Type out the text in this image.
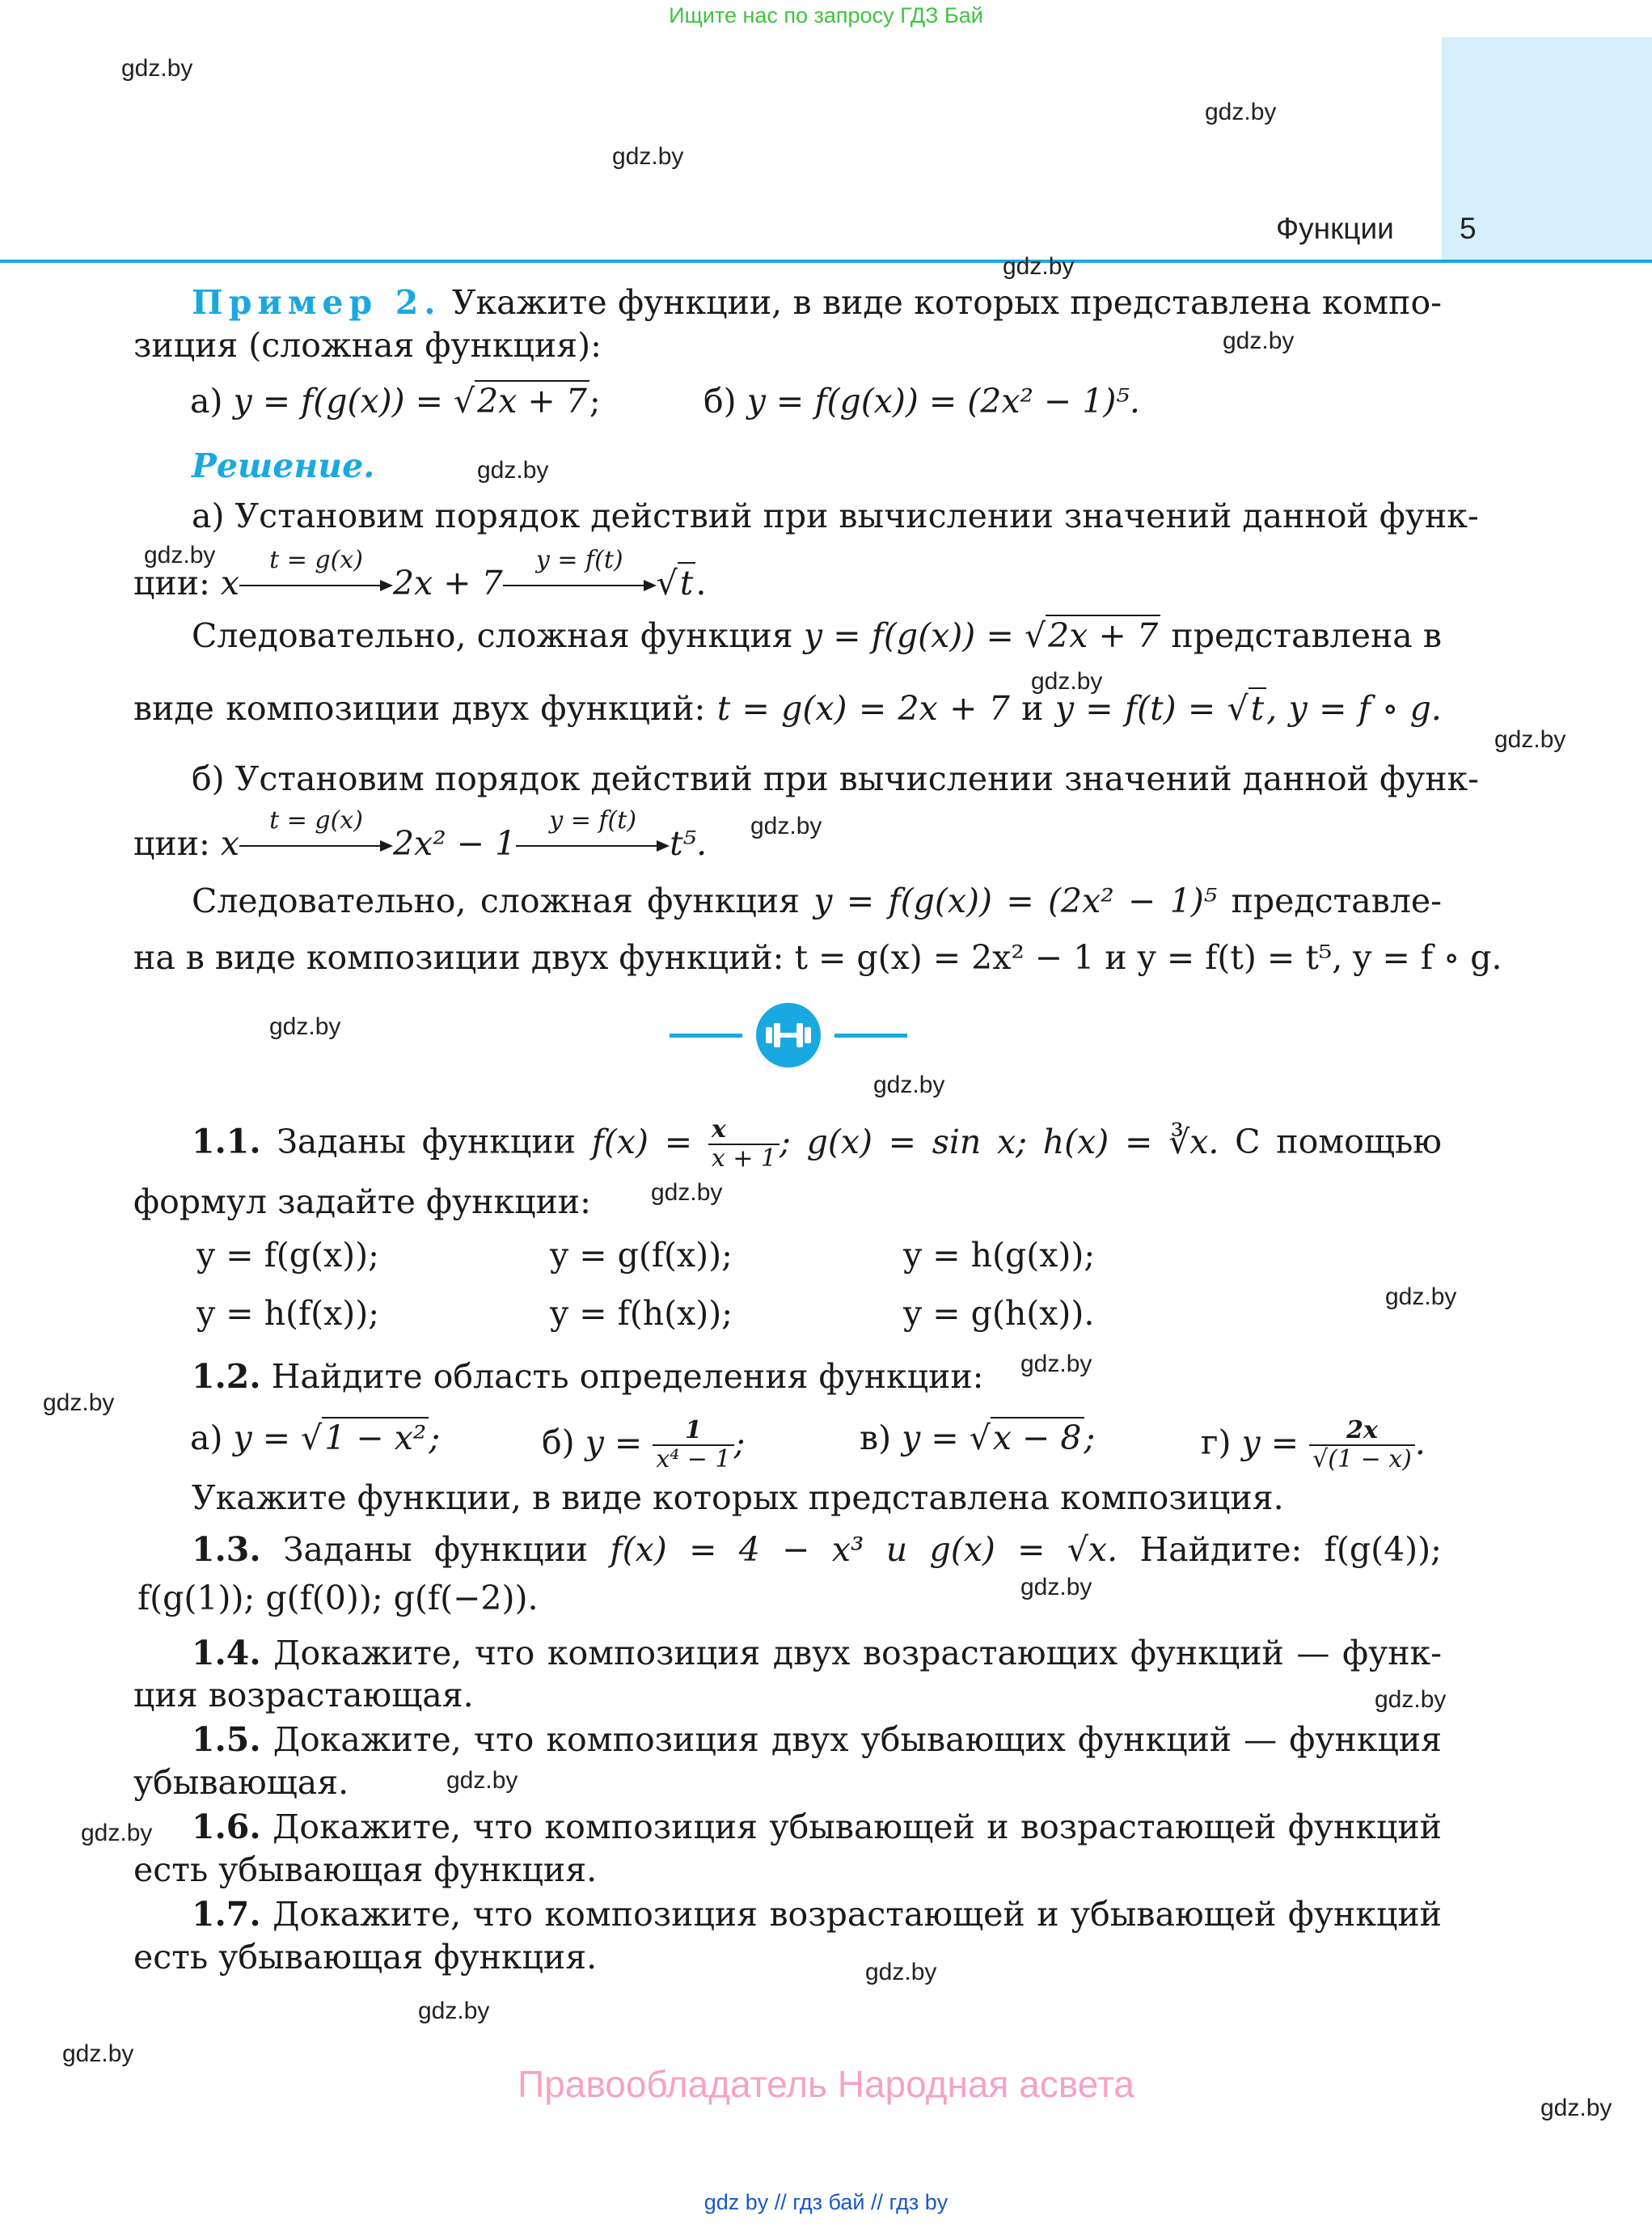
Ищите нас по запросу ГДЗ Бай
Функции 5
gdz.by
gdz.by
gdz.by
gdz.by
gdz.by
gdz.by
gdz.by
gdz.by
gdz.by
gdz.by
gdz.by
gdz.by
gdz.by
gdz.by
gdz.by
gdz.by
gdz.by
gdz.by
gdz.by
gdz.by
gdz.by
gdz.by
gdz.by
gdz.by
Пример 2. Укажите функции, в виде которых представлена компо-
зиция (сложная функция):
а) y = f(g(x)) = √2x + 7;	б) y = f(g(x)) = (2x² − 1)⁵.
Решение.
а) Установим порядок действий при вычислении значений данной функ-
ции: x
t = g(x)
2x + 7
y = f(t)
√t.
Следовательно, сложная функция y = f(g(x)) = √2x + 7 представлена в
виде композиции двух функций: t = g(x) = 2x + 7 и y = f(t) = √t, y = f ∘ g.
б) Установим порядок действий при вычислении значений данной функ-
ции: x
t = g(x)
2x² − 1
y = f(t)
t⁵.
Следовательно, сложная функция y = f(g(x)) = (2x² − 1)⁵ представле-
на в виде композиции двух функций: t = g(x) = 2x² − 1 и y = f(t) = t⁵, y = f ∘ g.
1.1. Заданы функции $f(x) = \frac{x}{x + 1}$ ; g(x) = sin x; h(x) = ∛x. С помощью
формул задайте функции:
y = f(g(x));	y = g(f(x));	y = h(g(x));
y = h(f(x));	y = f(h(x));	y = g(h(x)).
1.2. Найдите область определения функции:
а) y = √1 − x²;	б) $y = \frac{1}{\text{x⁴ − 1}}$ ;	в) y = √x − 8;	г) $y = \frac{2x}{√(1 - x)}$ .
Укажите функции, в виде которых представлена композиция.
1.3. Заданы функции f(x) = 4 − x³ и g(x) = √x. Найдите: f(g(4));
f(g(1)); g(f(0)); g(f(−2)).
1.4. Докажите, что композиция двух возрастающих функций — функ-
ция возрастающая.
1.5. Докажите, что композиция двух убывающих функций — функция
убывающая.
1.6. Докажите, что композиция убывающей и возрастающей функций
есть убывающая функция.
1.7. Докажите, что композиция возрастающей и убывающей функций
есть убывающая функция.
Правообладатель Народная асвета
gdz by // гдз бай // гдз by
